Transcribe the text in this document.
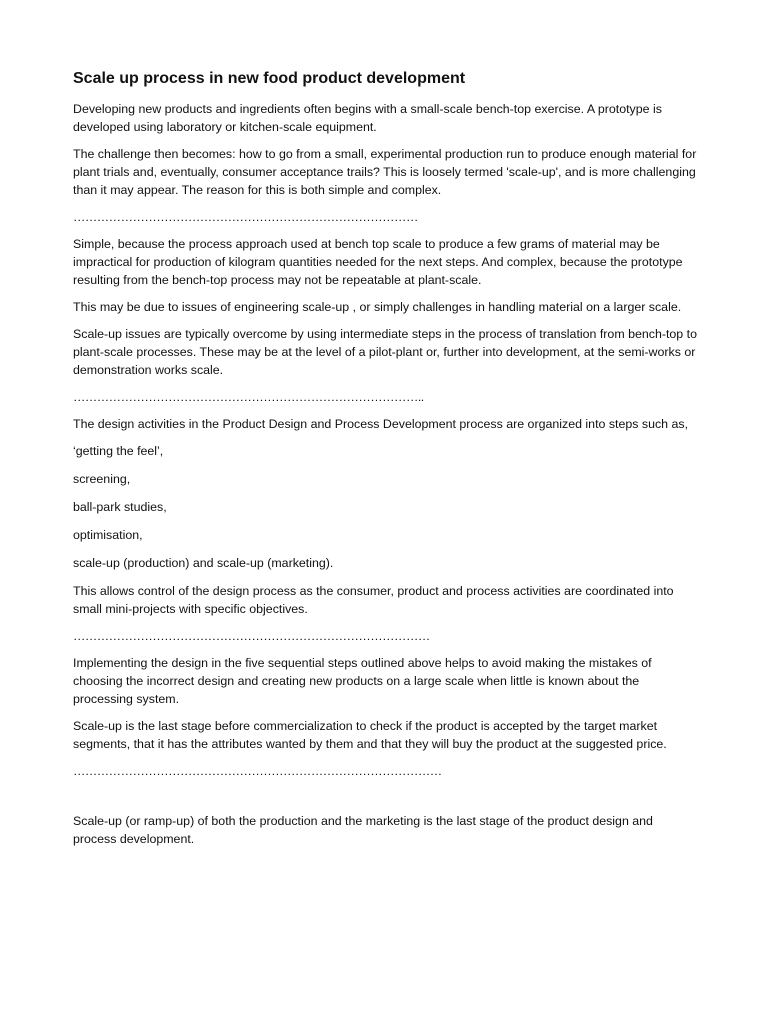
Scale up process in new food product development

Developing new products and ingredients often begins with a small-scale bench-top exercise. A prototype is developed using laboratory or kitchen-scale equipment.

The challenge then becomes: how to go from a small, experimental production run to produce enough material for plant trials and, eventually, consumer acceptance trails? This is loosely termed 'scale-up', and is more challenging than it may appear. The reason for this is both simple and complex.

……………………………………………………………………………

Simple, because the process approach used at bench top scale to produce a few grams of material may be impractical for production of kilogram quantities needed for the next steps. And complex, because the prototype resulting from the bench-top process may not be repeatable at plant-scale.

This may be due to issues of engineering scale-up , or simply challenges in handling material on a larger scale.

Scale-up issues are typically overcome by using intermediate steps in the process of translation from bench-top to plant-scale processes. These may be at the level of a pilot-plant or, further into development, at the semi-works or demonstration works scale.

……………………………………………………………………………..

The design activities in the Product Design and Process Development process are organized into steps such as,

‘getting the feel’,

screening,

ball-park studies,

optimisation,

scale-up (production) and scale-up (marketing).

This allows control of the design process as the consumer, product and process activities are coordinated into small mini-projects with specific objectives.

………………………………………………………………………………

Implementing the design in the five sequential steps outlined above helps to avoid making the mistakes of choosing the incorrect design and creating new products on a large scale when little is known about the processing system.

Scale-up is the last stage before commercialization to check if the product is accepted by the target market segments, that it has the attributes wanted by them and that they will buy the product at the suggested price.

…………………………………………………………………………………

Scale-up (or ramp-up) of both the production and the marketing is the last stage of the product design and process development.
